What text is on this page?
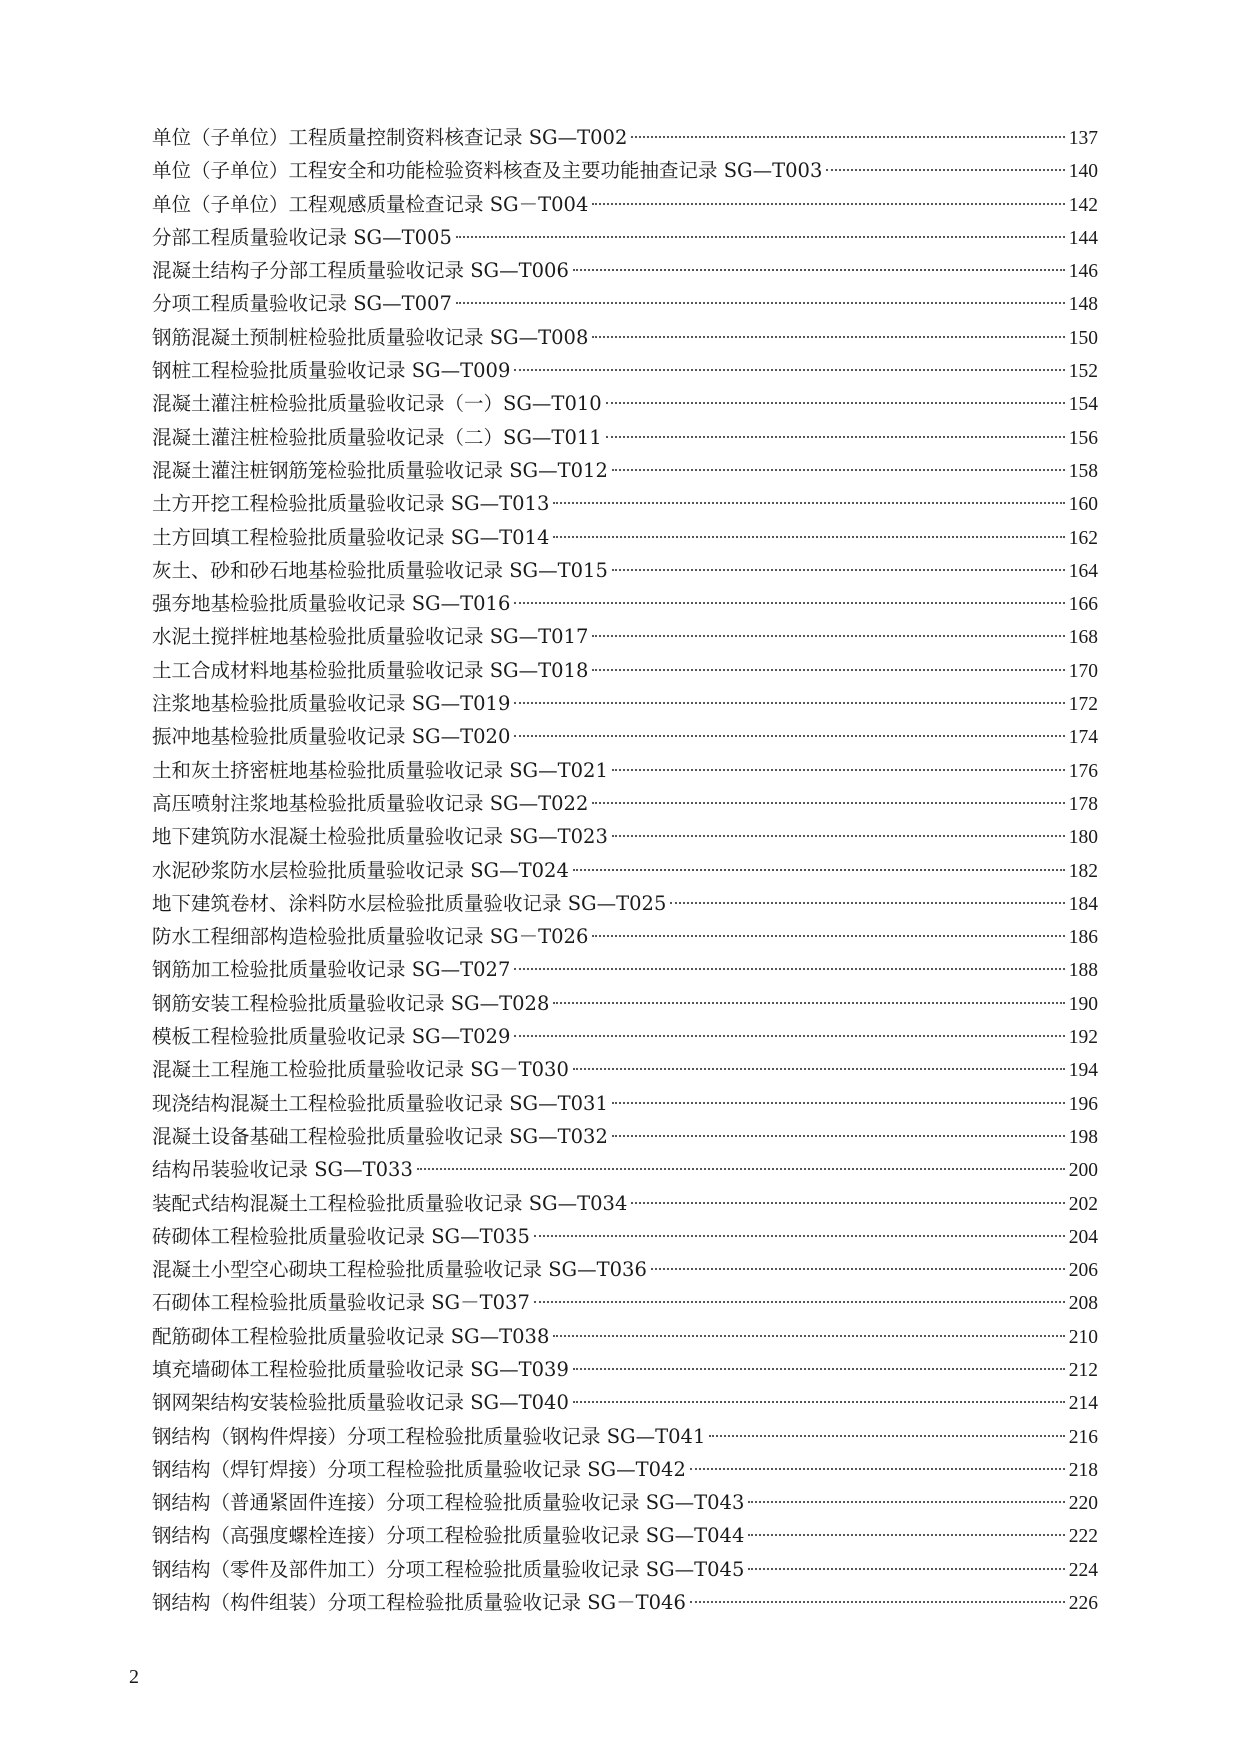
单位（子单位）工程质量控制资料核查记录 SG—T002	137
单位（子单位）工程安全和功能检验资料核查及主要功能抽查记录 SG—T003	140
单位（子单位）工程观感质量检查记录 SG－T004	142
分部工程质量验收记录 SG—T005	144
混凝土结构子分部工程质量验收记录 SG—T006	146
分项工程质量验收记录 SG—T007	148
钢筋混凝土预制桩检验批质量验收记录 SG—T008	150
钢桩工程检验批质量验收记录 SG—T009	152
混凝土灌注桩检验批质量验收记录（一）SG—T010	154
混凝土灌注桩检验批质量验收记录（二）SG—T011	156
混凝土灌注桩钢筋笼检验批质量验收记录 SG—T012	158
土方开挖工程检验批质量验收记录 SG—T013	160
土方回填工程检验批质量验收记录 SG—T014	162
灰土、砂和砂石地基检验批质量验收记录 SG—T015	164
强夯地基检验批质量验收记录 SG—T016	166
水泥土搅拌桩地基检验批质量验收记录 SG—T017	168
土工合成材料地基检验批质量验收记录 SG—T018	170
注浆地基检验批质量验收记录 SG—T019	172
振冲地基检验批质量验收记录 SG—T020	174
土和灰土挤密桩地基检验批质量验收记录 SG—T021	176
高压喷射注浆地基检验批质量验收记录 SG—T022	178
地下建筑防水混凝土检验批质量验收记录 SG—T023	180
水泥砂浆防水层检验批质量验收记录 SG—T024	182
地下建筑卷材、涂料防水层检验批质量验收记录 SG—T025	184
防水工程细部构造检验批质量验收记录 SG－T026	186
钢筋加工检验批质量验收记录 SG—T027	188
钢筋安装工程检验批质量验收记录 SG—T028	190
模板工程检验批质量验收记录 SG—T029	192
混凝土工程施工检验批质量验收记录 SG－T030	194
现浇结构混凝土工程检验批质量验收记录 SG—T031	196
混凝土设备基础工程检验批质量验收记录 SG—T032	198
结构吊装验收记录 SG—T033	200
装配式结构混凝土工程检验批质量验收记录 SG—T034	202
砖砌体工程检验批质量验收记录 SG—T035	204
混凝土小型空心砌块工程检验批质量验收记录 SG—T036	206
石砌体工程检验批质量验收记录 SG－T037	208
配筋砌体工程检验批质量验收记录 SG—T038	210
填充墙砌体工程检验批质量验收记录 SG—T039	212
钢网架结构安装检验批质量验收记录 SG—T040	214
钢结构（钢构件焊接）分项工程检验批质量验收记录 SG—T041	216
钢结构（焊钉焊接）分项工程检验批质量验收记录 SG—T042	218
钢结构（普通紧固件连接）分项工程检验批质量验收记录 SG—T043	220
钢结构（高强度螺栓连接）分项工程检验批质量验收记录 SG—T044	222
钢结构（零件及部件加工）分项工程检验批质量验收记录 SG—T045	224
钢结构（构件组装）分项工程检验批质量验收记录 SG－T046	226
2
